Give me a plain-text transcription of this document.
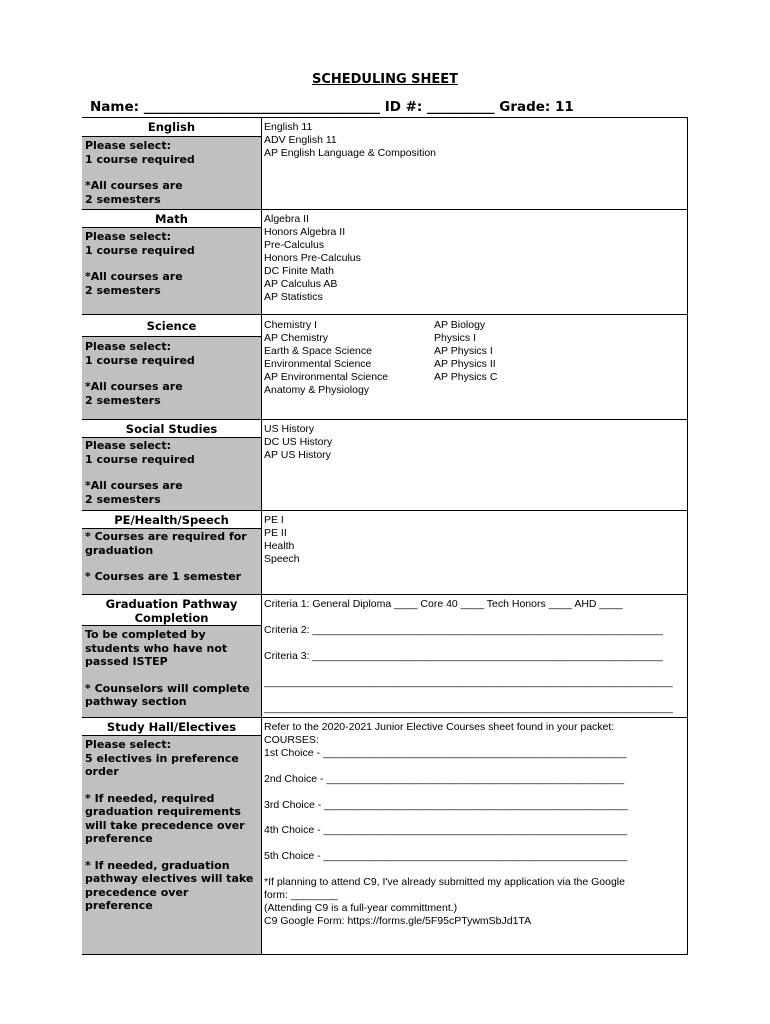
SCHEDULING SHEET
Name: ___________________________________ ID #: __________ Grade: 11
English
Please select:
1 course required
*All courses are
2 semesters
English 11
ADV English 11
AP English Language & Composition
Math
Please select:
1 course required
*All courses are
2 semesters
Algebra II
Honors Algebra II
Pre-Calculus
Honors Pre-Calculus
DC Finite Math
AP Calculus AB
AP Statistics
Science
Please select:
1 course required
*All courses are
2 semesters
Chemistry I
AP Chemistry
Earth & Space Science
Environmental Science
AP Environmental Science
Anatomy & Physiology
AP Biology
Physics I
AP Physics I
AP Physics II
AP Physics C
Social Studies
Please select:
1 course required
*All courses are
2 semesters
US History
DC US History
AP US History
PE/Health/Speech
* Courses are required for
graduation
* Courses are 1 semester
PE I
PE II
Health
Speech
Graduation Pathway
Completion
To be completed by
students who have not
passed ISTEP
* Counselors will complete
pathway section
Criteria 1: General Diploma ____ Core 40 ____ Tech Honors ____ AHD ____
Criteria 2: ____________________________________________________________
Criteria 3: ____________________________________________________________
______________________________________________________________________
______________________________________________________________________
Study Hall/Electives
Please select:
5 electives in preference
order
* If needed, required
graduation requirements
will take precedence over
preference
* If needed, graduation
pathway electives will take
precedence over
preference
Refer to the 2020-2021 Junior Elective Courses sheet found in your packet:
COURSES:
1st Choice - ____________________________________________________
2nd Choice - ___________________________________________________
3rd Choice - ____________________________________________________
4th Choice - ____________________________________________________
5th Choice - ____________________________________________________
*If planning to attend C9, I've already submitted my application via the Google
form: ________
(Attending C9 is a full-year committment.)
C9 Google Form: https://forms.gle/5F95cPTywmSbJd1TA
